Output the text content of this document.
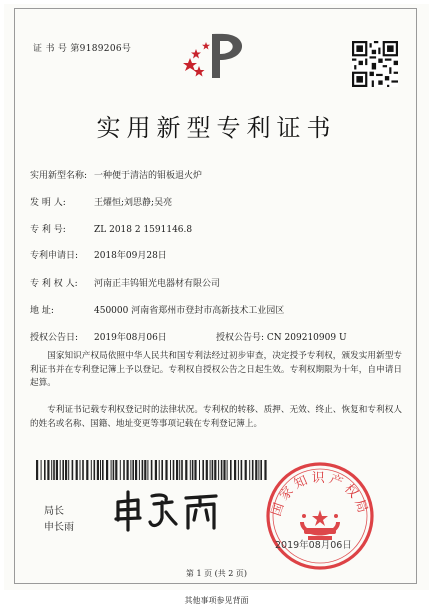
证 书 号 第9189206号
实用新型专利证书
实用新型名称: 一种便于清洁的钼板退火炉
发 明 人:	王燿恒;刘思静;吴亮
专 利 号:	ZL 2018 2 1591146.8
专利申请日: 2018年09月28日
专 利 权 人: 河南正丰钨钼光电器材有限公司
地 址:	450000 河南省郑州市登封市高新技术工业园区
授权公告日: 2019年08月06日	授权公告号: CN 209210909 U
国家知识产权局依照中华人民共和国专利法经过初步审查，决定授予专利权，颁发实用新型专利证书并在专利登记簿上予以登记。专利权自授权公告之日起生效。专利权期限为十年，自申请日起算。
专利证书记载专利权登记时的法律状况。专利权的转移、质押、无效、终止、恢复和专利权人的姓名或名称、国籍、地址变更等事项记载在专利登记簿上。
局长
申长雨
国家知识产权局
2019年08月06日
第 1 页 (共 2 页)
其他事项参见背面
